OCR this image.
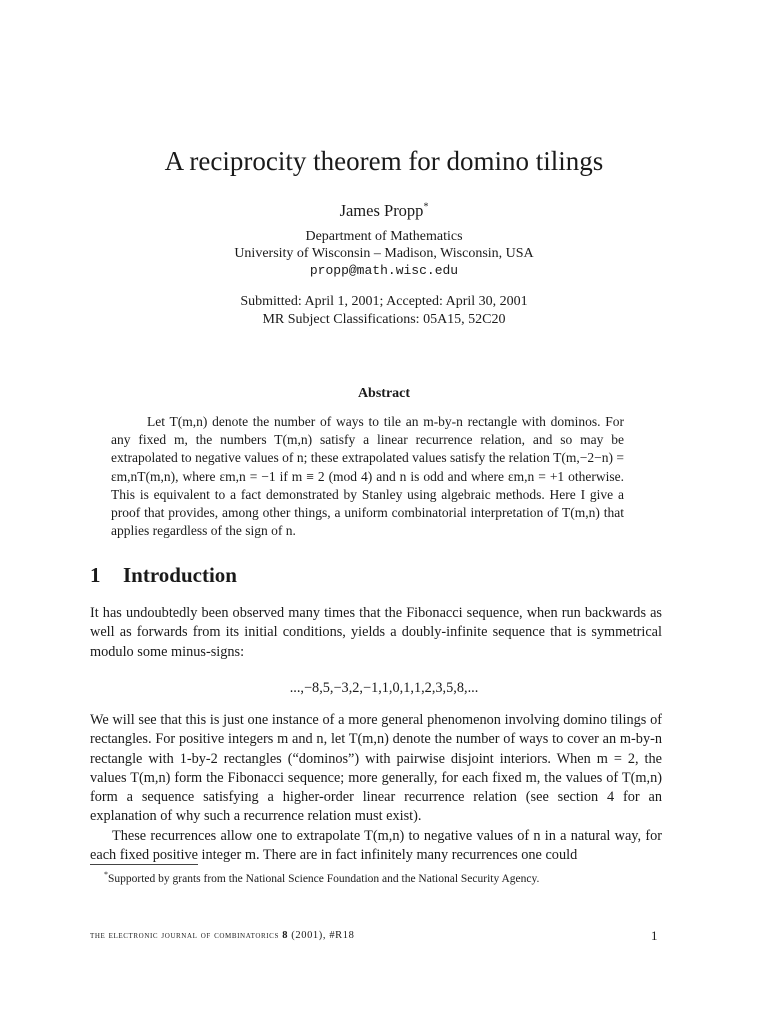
A reciprocity theorem for domino tilings
James Propp*
Department of Mathematics
University of Wisconsin – Madison, Wisconsin, USA
propp@math.wisc.edu
Submitted: April 1, 2001; Accepted: April 30, 2001
MR Subject Classifications: 05A15, 52C20
Abstract

Let T(m,n) denote the number of ways to tile an m-by-n rectangle with dominos. For any fixed m, the numbers T(m,n) satisfy a linear recurrence relation, and so may be extrapolated to negative values of n; these extrapolated values satisfy the relation T(m,−2−n) = εm,nT(m,n), where εm,n = −1 if m ≡ 2 (mod 4) and n is odd and where εm,n = +1 otherwise. This is equivalent to a fact demonstrated by Stanley using algebraic methods. Here I give a proof that provides, among other things, a uniform combinatorial interpretation of T(m,n) that applies regardless of the sign of n.

1 Introduction

It has undoubtedly been observed many times that the Fibonacci sequence, when run backwards as well as forwards from its initial conditions, yields a doubly-infinite sequence that is symmetrical modulo some minus-signs:

...,−8,5,−3,2,−1,1,0,1,1,2,3,5,8,...

We will see that this is just one instance of a more general phenomenon involving domino tilings of rectangles. For positive integers m and n, let T(m,n) denote the number of ways to cover an m-by-n rectangle with 1-by-2 rectangles (“dominos”) with pairwise disjoint interiors. When m = 2, the values T(m,n) form the Fibonacci sequence; more generally, for each fixed m, the values of T(m,n) form a sequence satisfying a higher-order linear recurrence relation (see section 4 for an explanation of why such a recurrence relation must exist).

These recurrences allow one to extrapolate T(m,n) to negative values of n in a natural way, for each fixed positive integer m. There are in fact infinitely many recurrences one could

*Supported by grants from the National Science Foundation and the National Security Agency.
the electronic journal of combinatorics 8 (2001), #R18	1
